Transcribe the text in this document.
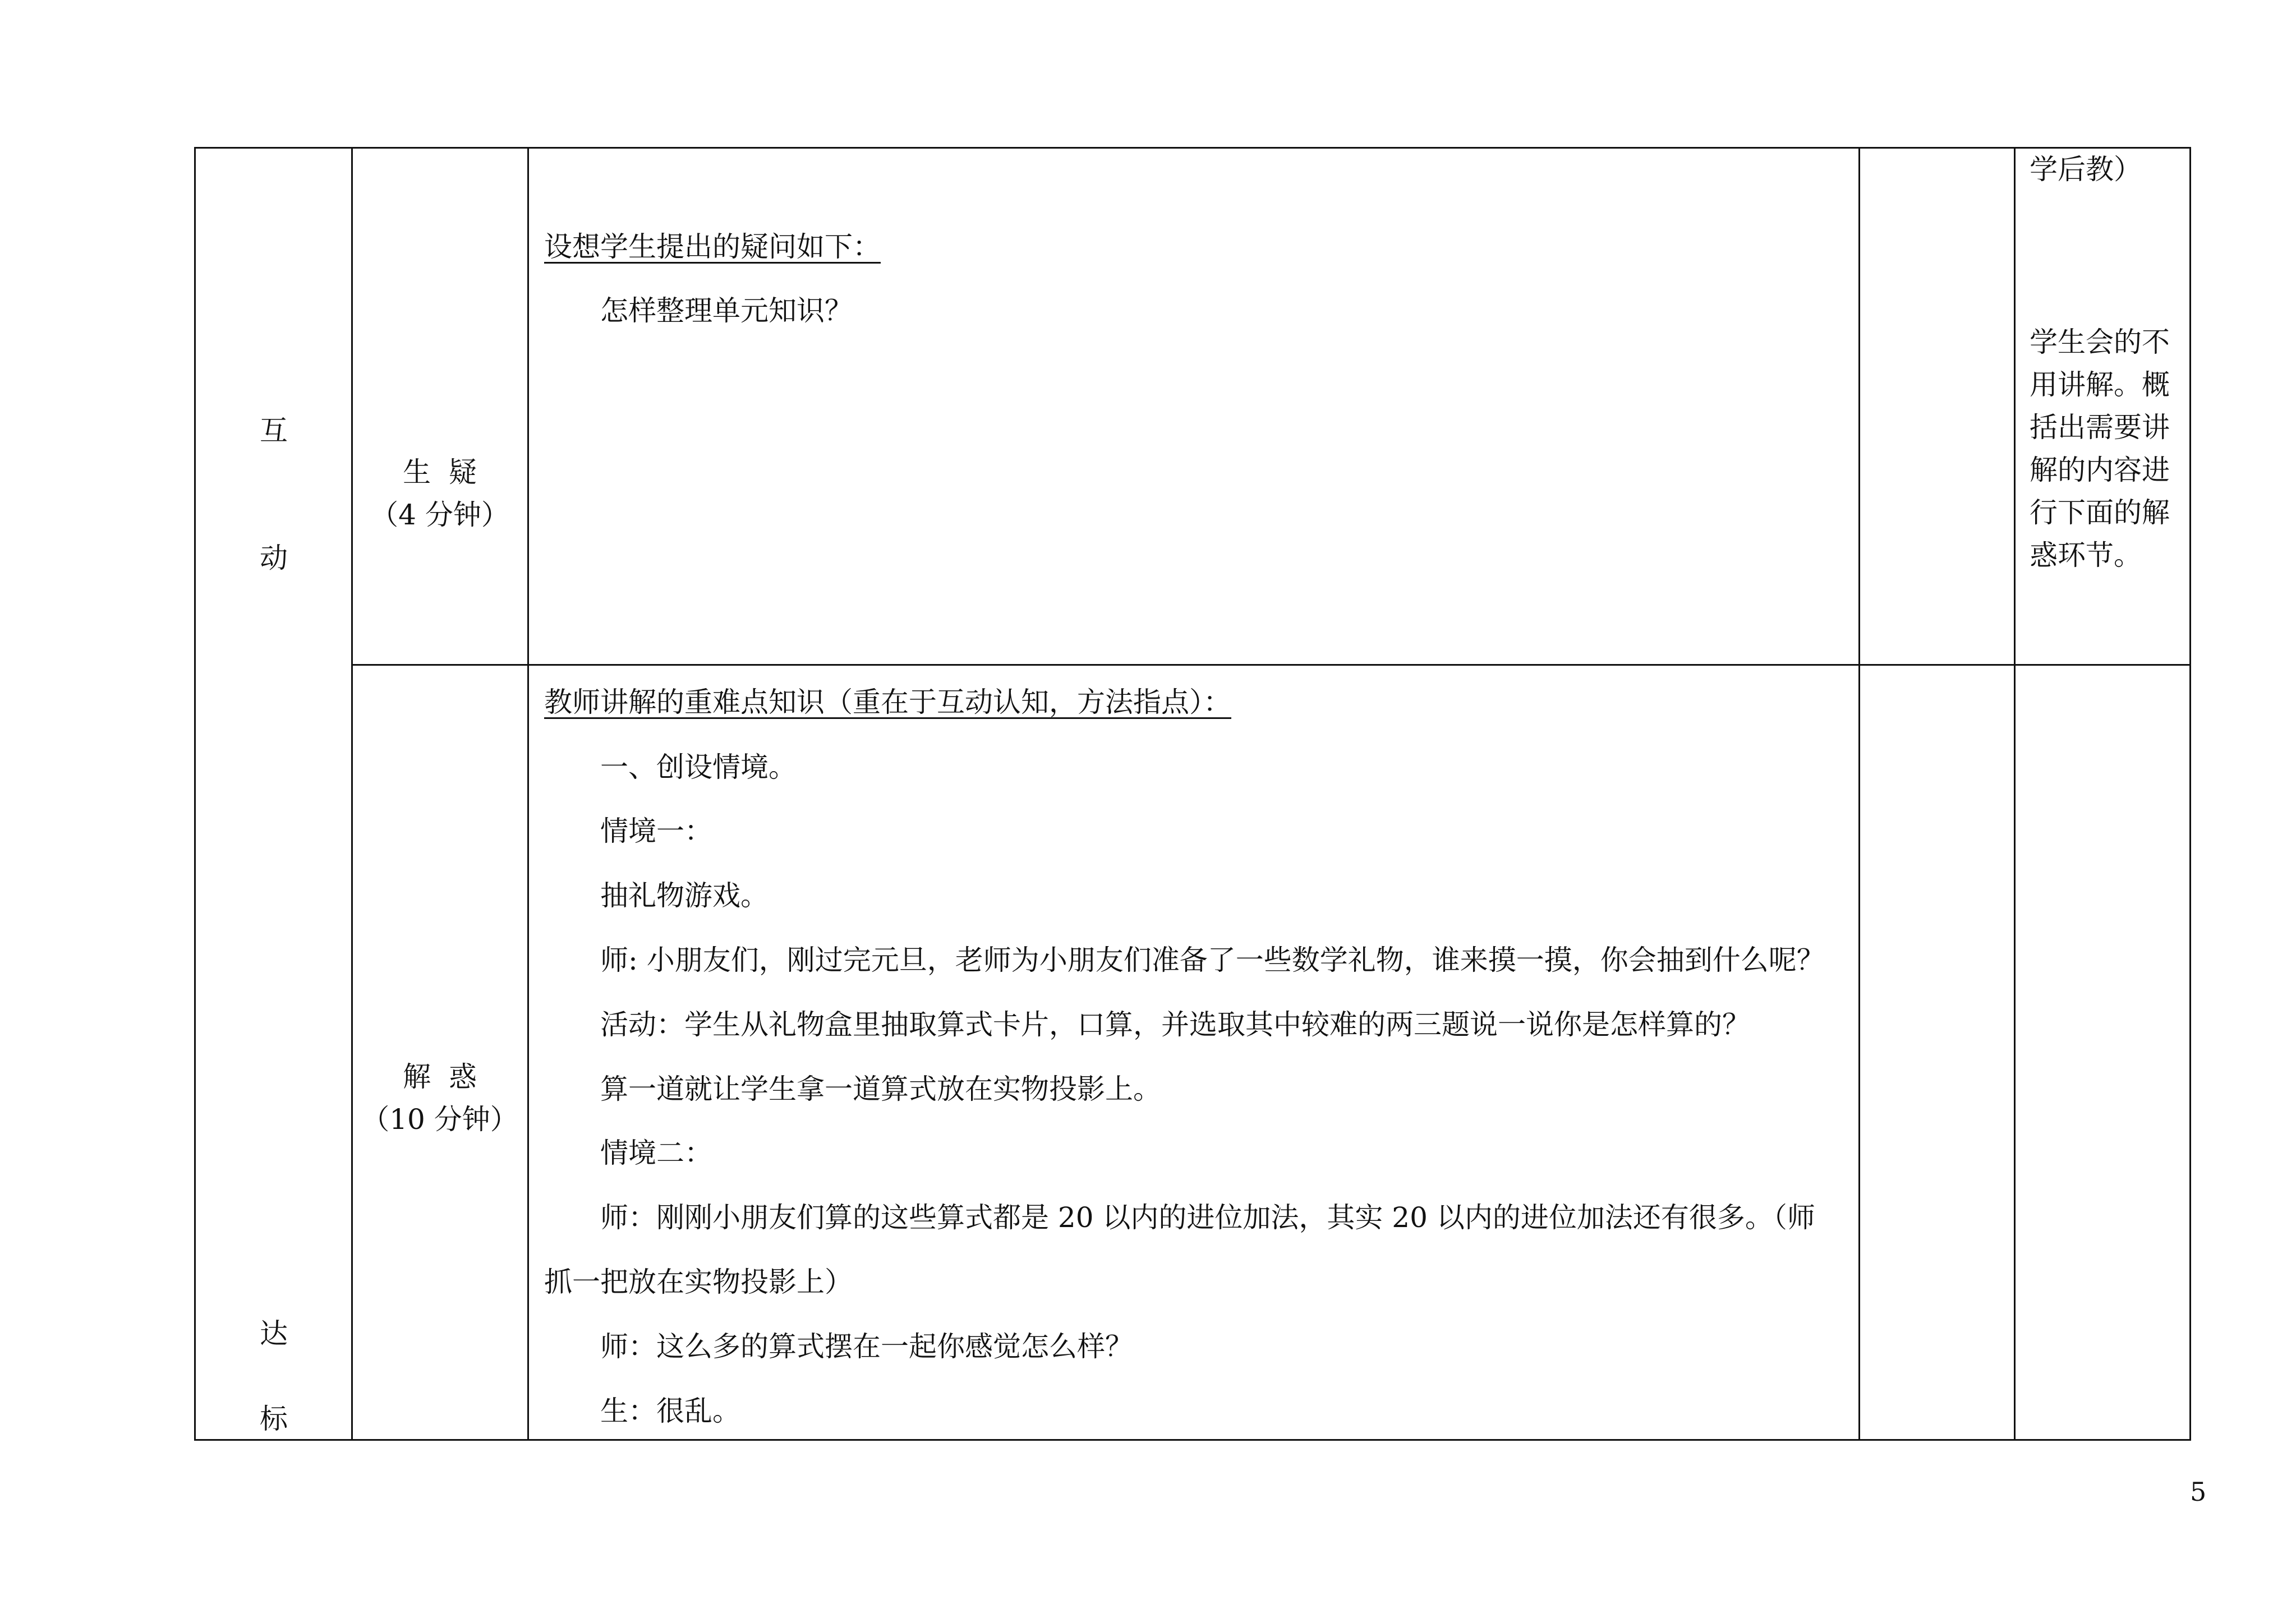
互
动
达
标
生  疑
（4 分钟）
设想学生提出的疑问如下：
怎样整理单元知识？
解  惑
（10 分钟）
教师讲解的重难点知识（重在于互动认知，方法指点）：
一、创设情境。
情境一：
抽礼物游戏。
师: 小朋友们，刚过完元旦，老师为小朋友们准备了一些数学礼物，谁来摸一摸，你会抽到什么呢？
活动：学生从礼物盒里抽取算式卡片，口算，并选取其中较难的两三题说一说你是怎样算的？
算一道就让学生拿一道算式放在实物投影上。
情境二：
师：刚刚小朋友们算的这些算式都是 20 以内的进位加法，其实 20 以内的进位加法还有很多。（师
抓一把放在实物投影上）
师：这么多的算式摆在一起你感觉怎么样？
生：很乱。
学后教）
学生会的不
用讲解。概
括出需要讲
解的内容进
行下面的解
惑环节。
5
